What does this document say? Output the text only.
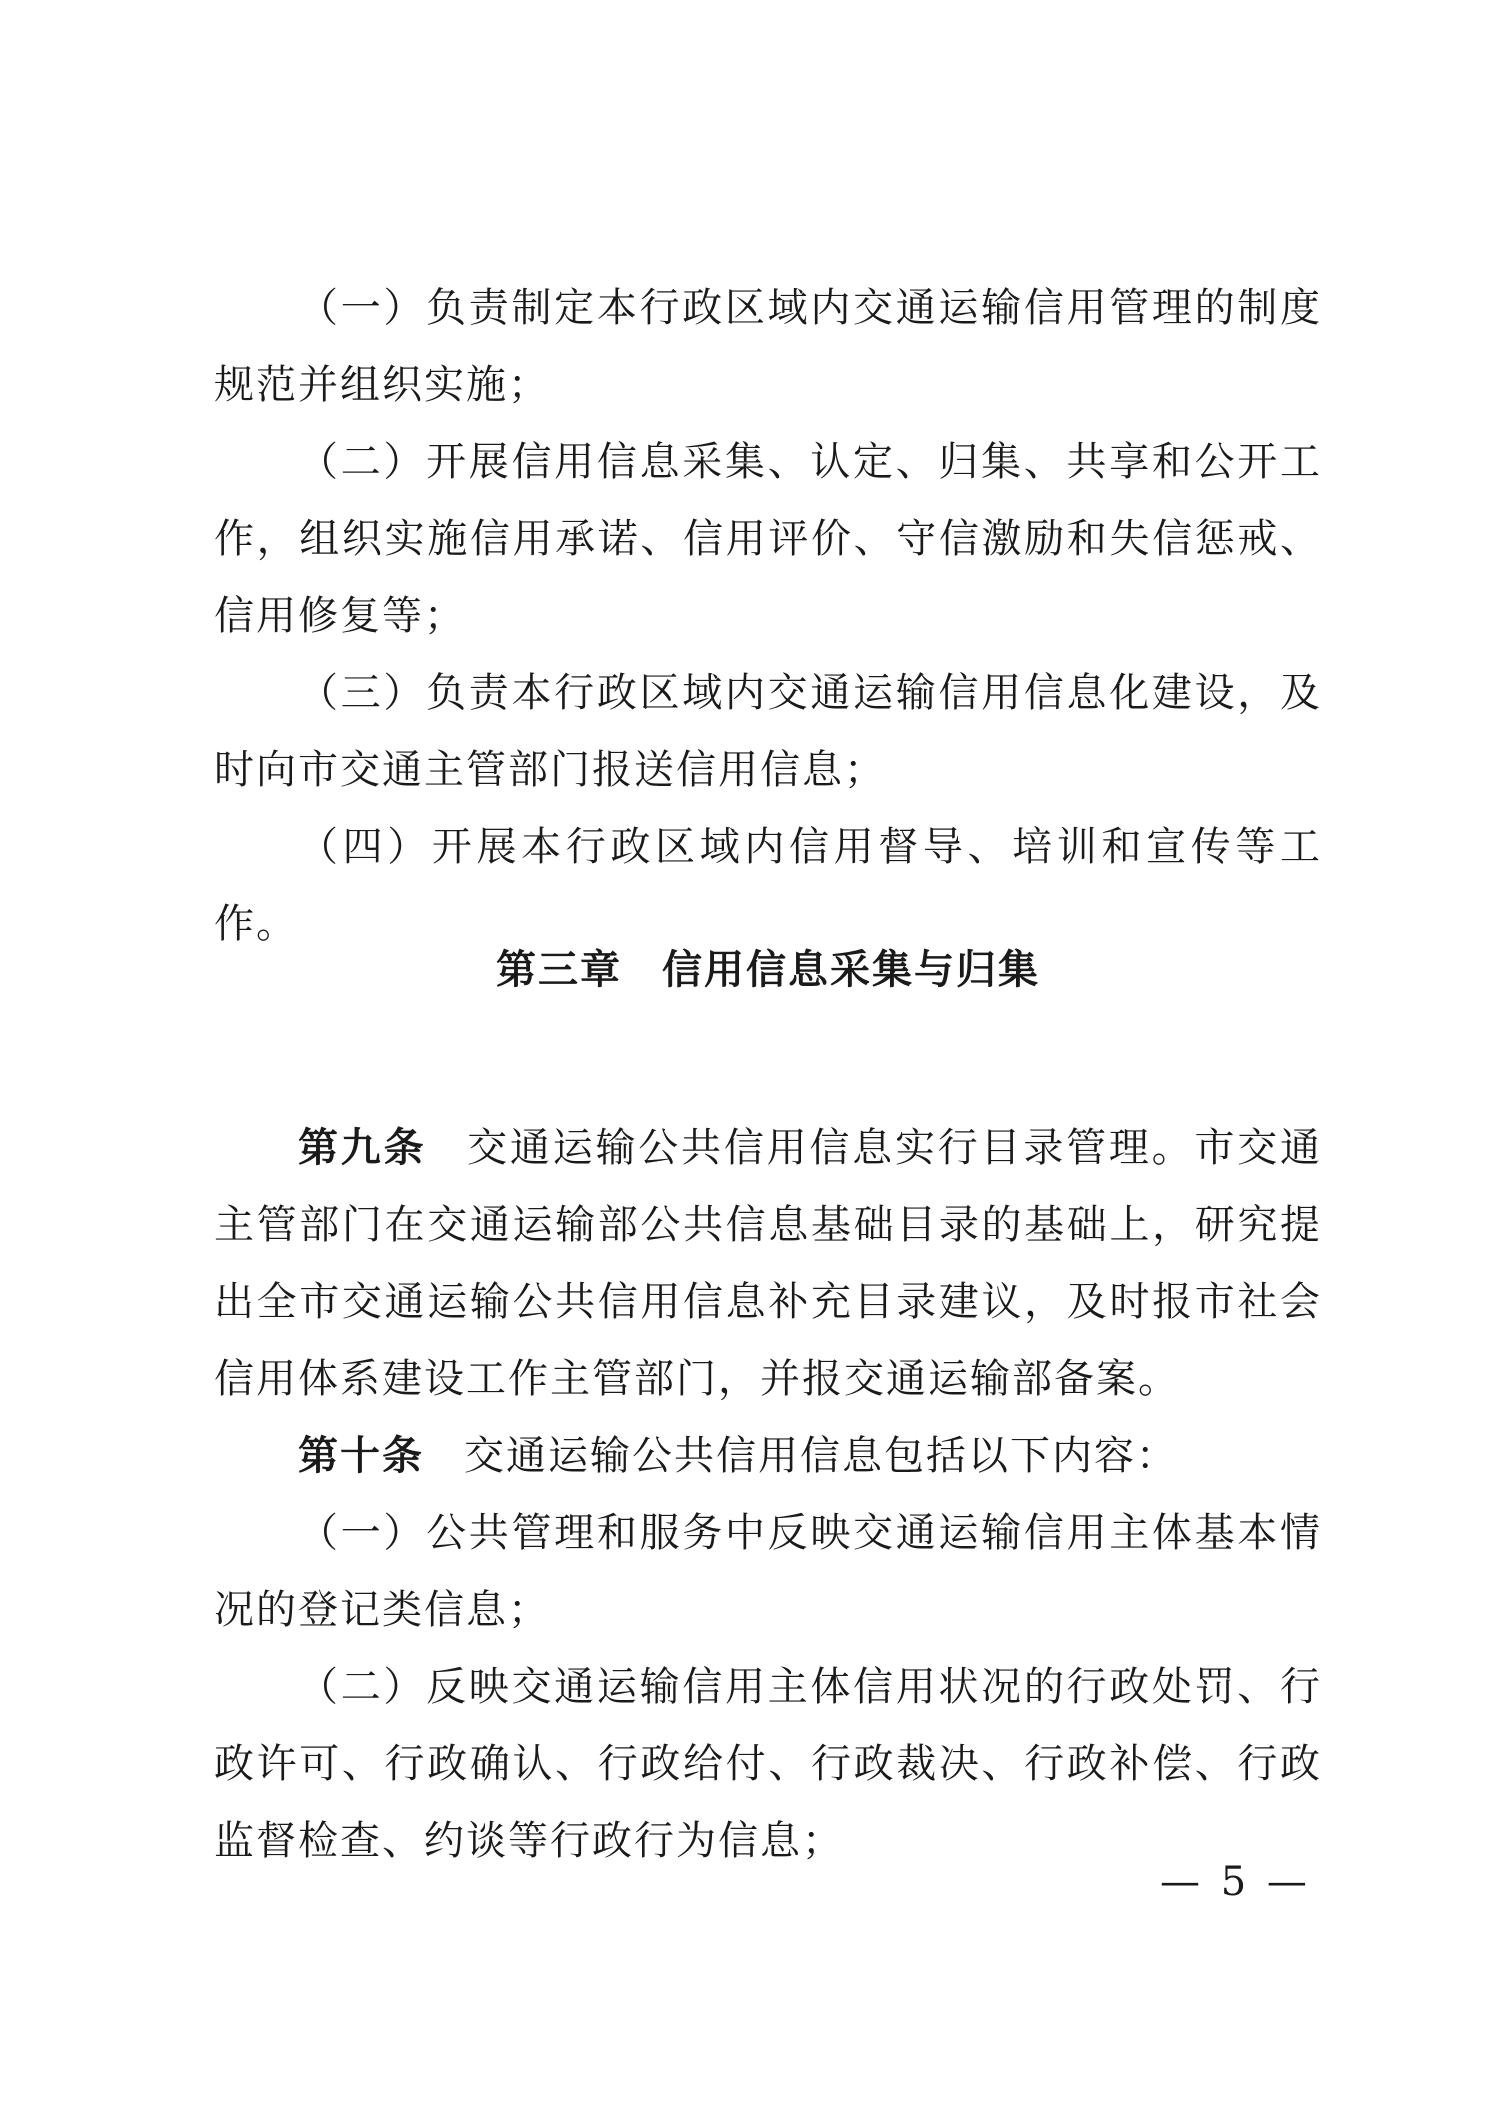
（一）负责制定本行政区域内交通运输信用管理的制度规范并组织实施；

（二）开展信用信息采集、认定、归集、共享和公开工作，组织实施信用承诺、信用评价、守信激励和失信惩戒、信用修复等；

（三）负责本行政区域内交通运输信用信息化建设，及时向市交通主管部门报送信用信息；

（四）开展本行政区域内信用督导、培训和宣传等工作。

第三章 信用信息采集与归集

第九条 交通运输公共信用信息实行目录管理。市交通主管部门在交通运输部公共信息基础目录的基础上，研究提出全市交通运输公共信用信息补充目录建议，及时报市社会信用体系建设工作主管部门，并报交通运输部备案。

第十条 交通运输公共信用信息包括以下内容：

（一）公共管理和服务中反映交通运输信用主体基本情况的登记类信息；

（二）反映交通运输信用主体信用状况的行政处罚、行政许可、行政确认、行政给付、行政裁决、行政补偿、行政监督检查、约谈等行政行为信息；

— 5 —
